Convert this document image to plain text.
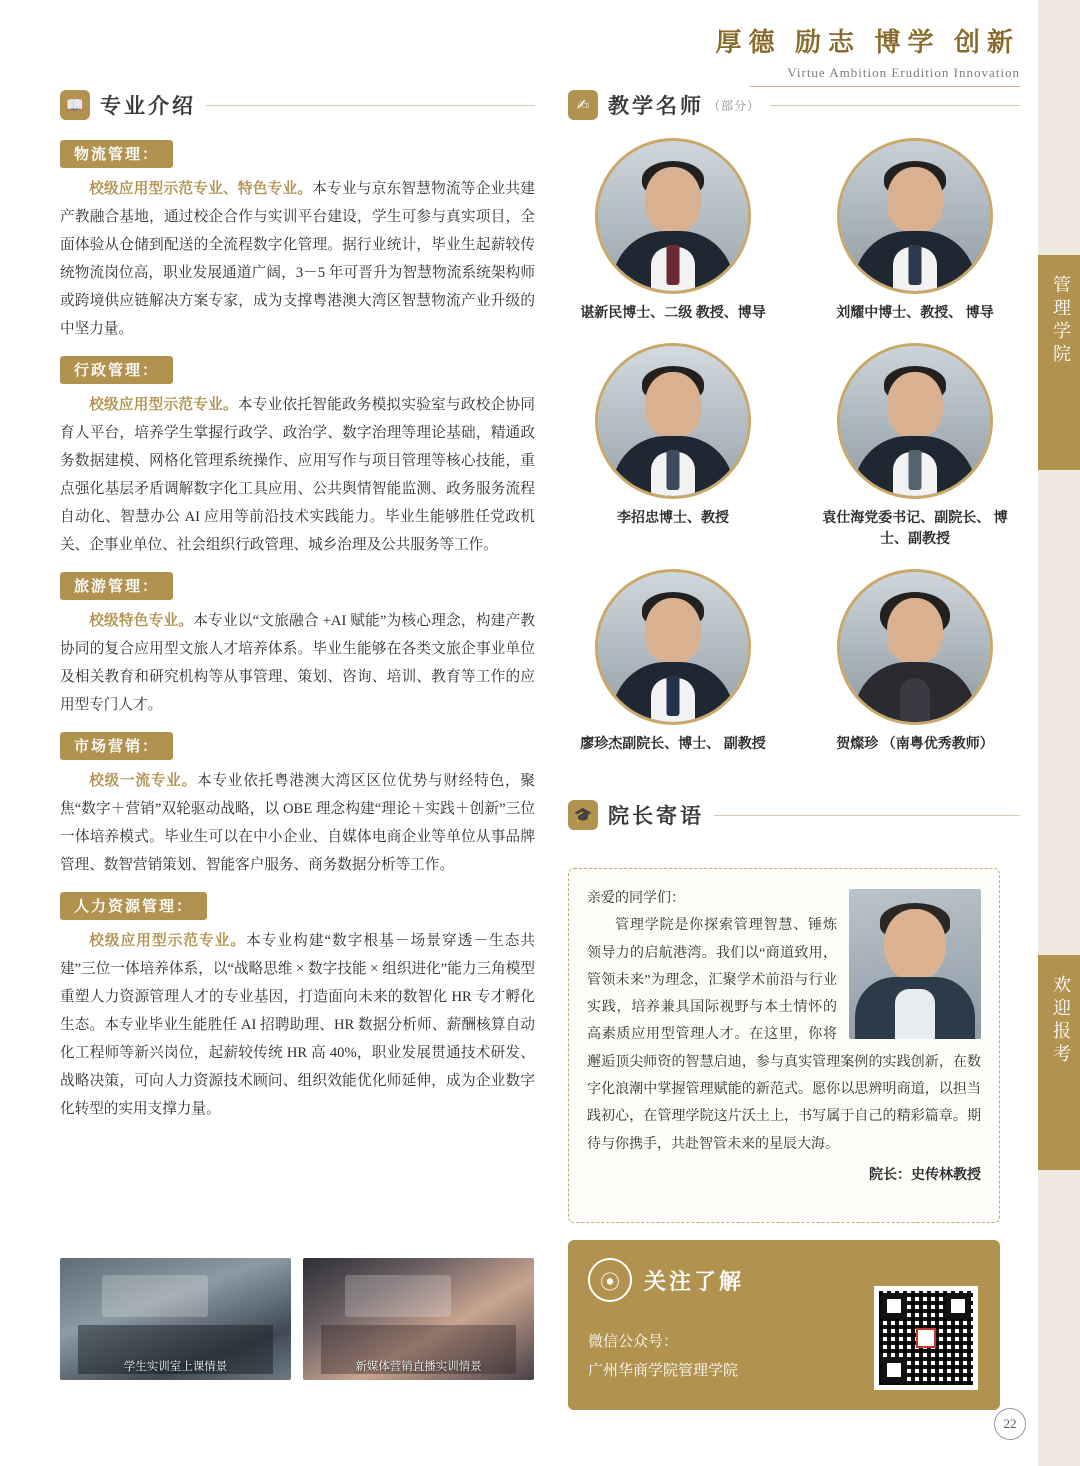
管理学院
欢迎报考
厚德 励志 博学 创新
Virtue Ambition Erudition Innovation
📖 专业介绍
物流管理：

校级应用型示范专业、特色专业。本专业与京东智慧物流等企业共建产教融合基地，通过校企合作与实训平台建设，学生可参与真实项目，全面体验从仓储到配送的全流程数字化管理。据行业统计，毕业生起薪较传统物流岗位高，职业发展通道广阔，3－5 年可晋升为智慧物流系统架构师或跨境供应链解决方案专家，成为支撑粤港澳大湾区智慧物流产业升级的中坚力量。

行政管理：

校级应用型示范专业。本专业依托智能政务模拟实验室与政校企协同育人平台，培养学生掌握行政学、政治学、数字治理等理论基础，精通政务数据建模、网格化管理系统操作、应用写作与项目管理等核心技能，重点强化基层矛盾调解数字化工具应用、公共舆情智能监测、政务服务流程自动化、智慧办公 AI 应用等前沿技术实践能力。毕业生能够胜任党政机关、企事业单位、社会组织行政管理、城乡治理及公共服务等工作。

旅游管理：

校级特色专业。本专业以“文旅融合 +AI 赋能”为核心理念，构建产教协同的复合应用型文旅人才培养体系。毕业生能够在各类文旅企事业单位及相关教育和研究机构等从事管理、策划、咨询、培训、教育等工作的应用型专门人才。

市场营销：

校级一流专业。本专业依托粤港澳大湾区区位优势与财经特色，聚焦“数字＋营销”双轮驱动战略，以 OBE 理念构建“理论＋实践＋创新”三位一体培养模式。毕业生可以在中小企业、自媒体电商企业等单位从事品牌管理、数智营销策划、智能客户服务、商务数据分析等工作。

人力资源管理：

校级应用型示范专业。本专业构建“数字根基－场景穿透－生态共建”三位一体培养体系，以“战略思维 × 数字技能 × 组织进化”能力三角模型重塑人力资源管理人才的专业基因，打造面向未来的数智化 HR 专才孵化生态。本专业毕业生能胜任 AI 招聘助理、HR 数据分析师、薪酬核算自动化工程师等新兴岗位，起薪较传统 HR 高 40%，职业发展贯通技术研发、战略决策，可向人力资源技术顾问、组织效能优化师延伸，成为企业数字化转型的实用支撑力量。

学生实训室上课情景	新媒体营销直播实训情景
✍ 教学名师 （部分）
谌新民博士、二级 教授、博导	刘耀中博士、教授、 博导
李招忠博士、教授	袁仕海党委书记、副院长、 博士、副教授
廖珍杰副院长、博士、 副教授	贺燦珍 （南粤优秀教师）
🎓 院长寄语
亲爱的同学们：
管理学院是你探索管理智慧、锤炼领导力的启航港湾。我们以“商道致用，管领未来”为理念，汇聚学术前沿与行业实践，培养兼具国际视野与本土情怀的高素质应用型管理人才。在这里，你将邂逅顶尖师资的智慧启迪，参与真实管理案例的实践创新，在数字化浪潮中掌握管理赋能的新范式。愿你以思辨明商道，以担当践初心，在管理学院这片沃土上，书写属于自己的精彩篇章。期待与你携手，共赴智管未来的星辰大海。
院长：史传林教授
⦿	关注了解
微信公众号：
广州华商学院管理学院
22
